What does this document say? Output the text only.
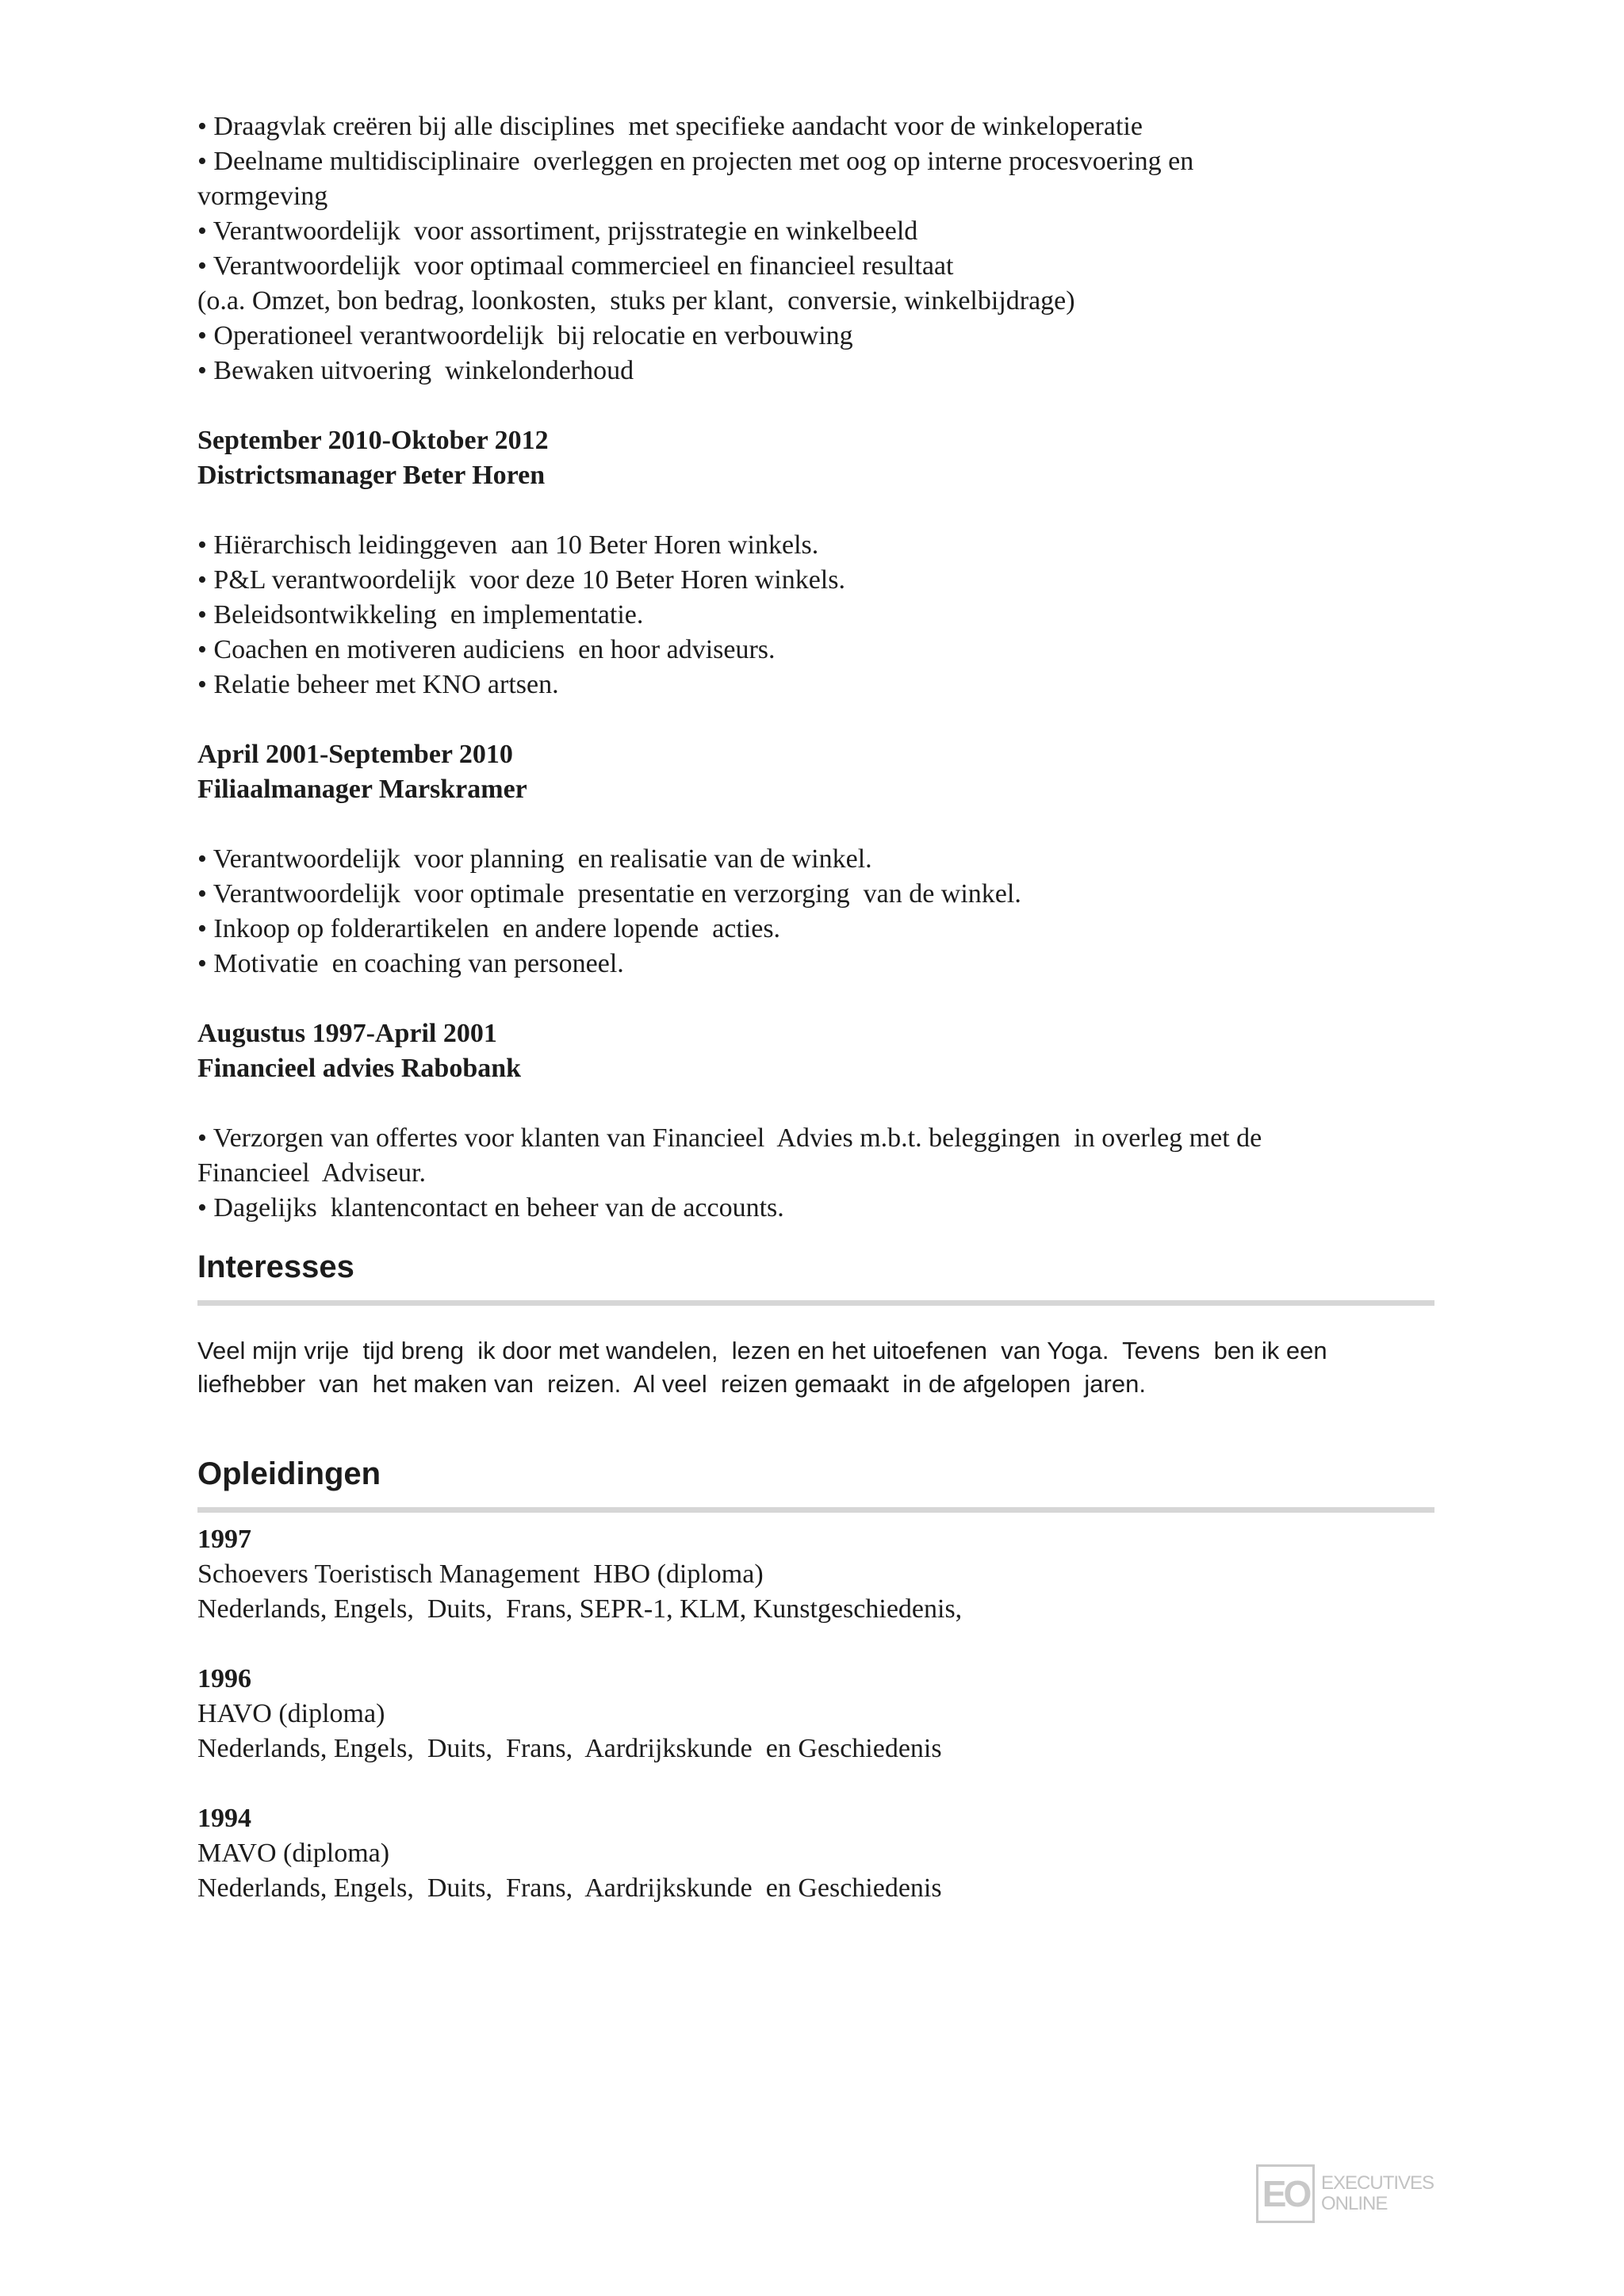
• Draagvlak creëren bij alle disciplines  met specifieke aandacht voor de winkeloperatie
• Deelname multidisciplinaire  overleggen en projecten met oog op interne procesvoering en
vormgeving
• Verantwoordelijk  voor assortiment, prijsstrategie en winkelbeeld
• Verantwoordelijk  voor optimaal commercieel en financieel resultaat
(o.a. Omzet, bon bedrag, loonkosten,  stuks per klant,  conversie, winkelbijdrage)
• Operationeel verantwoordelijk  bij relocatie en verbouwing
• Bewaken uitvoering  winkelonderhoud
September 2010-Oktober 2012
Districtsmanager Beter Horen
• Hiërarchisch leidinggeven  aan 10 Beter Horen winkels.
• P&L verantwoordelijk  voor deze 10 Beter Horen winkels.
• Beleidsontwikkeling  en implementatie.
• Coachen en motiveren audiciens  en hoor adviseurs.
• Relatie beheer met KNO artsen.
April 2001-September 2010
Filiaalmanager Marskramer
• Verantwoordelijk  voor planning  en realisatie van de winkel.
• Verantwoordelijk  voor optimale  presentatie en verzorging  van de winkel.
• Inkoop op folderartikelen  en andere lopende  acties.
• Motivatie  en coaching van personeel.
Augustus 1997-April 2001
Financieel advies Rabobank
• Verzorgen van offertes voor klanten van Financieel  Advies m.b.t. beleggingen  in overleg met de
Financieel  Adviseur.
• Dagelijks  klantencontact en beheer van de accounts.
Interesses
Veel mijn vrije  tijd breng  ik door met wandelen,  lezen en het uitoefenen  van Yoga.  Tevens  ben ik een
liefhebber  van  het maken van  reizen.  Al veel  reizen gemaakt  in de afgelopen  jaren.
Opleidingen
1997
Schoevers Toeristisch Management  HBO (diploma)
Nederlands, Engels,  Duits,  Frans, SEPR-1, KLM, Kunstgeschiedenis,
1996
HAVO (diploma)
Nederlands, Engels,  Duits,  Frans,  Aardrijkskunde  en Geschiedenis
1994
MAVO (diploma)
Nederlands, Engels,  Duits,  Frans,  Aardrijkskunde  en Geschiedenis
EO EXECUTIVES
ONLINE
